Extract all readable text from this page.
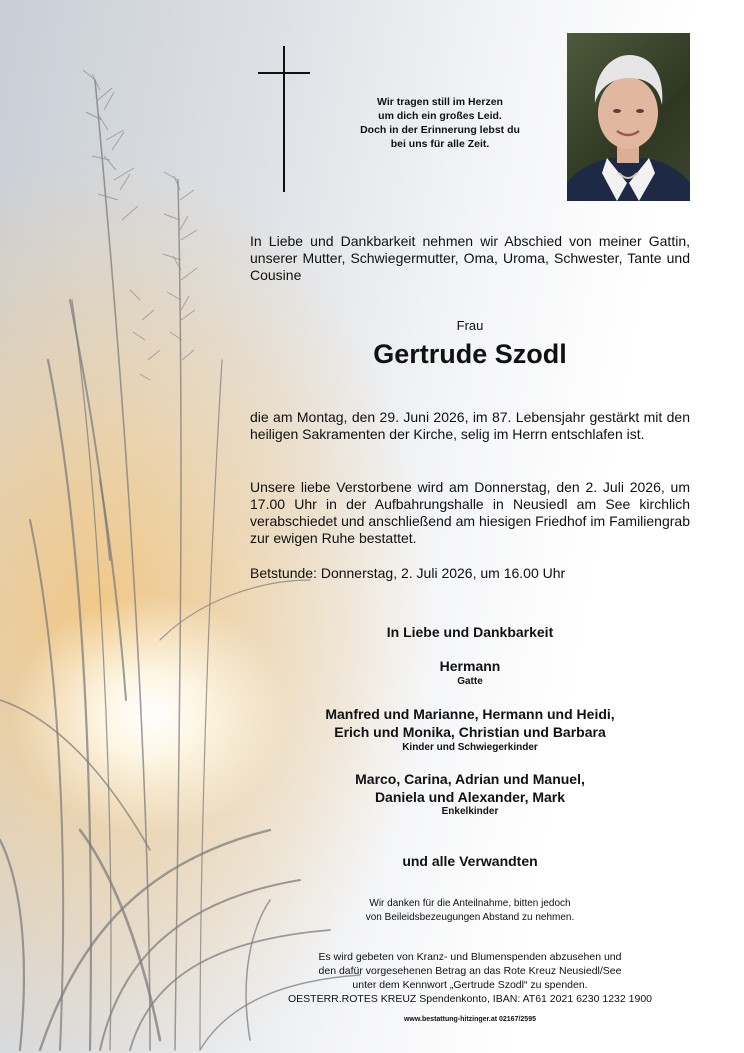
Wir tragen still im Herzen
um dich ein großes Leid.
Doch in der Erinnerung lebst du
bei uns für alle Zeit.
In Liebe und Dankbarkeit nehmen wir Abschied von meiner Gattin, unserer Mutter, Schwiegermutter, Oma, Uroma, Schwester, Tante und Cousine
Frau
Gertrude Szodl
die am Montag, den 29. Juni 2026, im 87. Lebensjahr gestärkt mit den heiligen Sakramenten der Kirche, selig im Herrn entschlafen ist.
Unsere liebe Verstorbene wird am Donnerstag, den 2. Juli 2026, um 17.00 Uhr in der Aufbahrungshalle in Neusiedl am See kirchlich verabschiedet und anschließend am hiesigen Friedhof im Familiengrab zur ewigen Ruhe bestattet.
Betstunde: Donnerstag, 2. Juli 2026, um 16.00 Uhr
In Liebe und Dankbarkeit
Hermann
Gatte
Manfred und Marianne, Hermann und Heidi,
Erich und Monika, Christian und Barbara
Kinder und Schwiegerkinder
Marco, Carina, Adrian und Manuel,
Daniela und Alexander, Mark
Enkelkinder
und alle Verwandten
Wir danken für die Anteilnahme, bitten jedoch
von Beileidsbezeugungen Abstand zu nehmen.
Es wird gebeten von Kranz- und Blumenspenden abzusehen und
den dafür vorgesehenen Betrag an das Rote Kreuz Neusiedl/See
unter dem Kennwort „Gertrude Szodl“ zu spenden.
OESTERR.ROTES KREUZ Spendenkonto, IBAN: AT61 2021 6230 1232 1900
www.bestattung-hitzinger.at 02167/2595
